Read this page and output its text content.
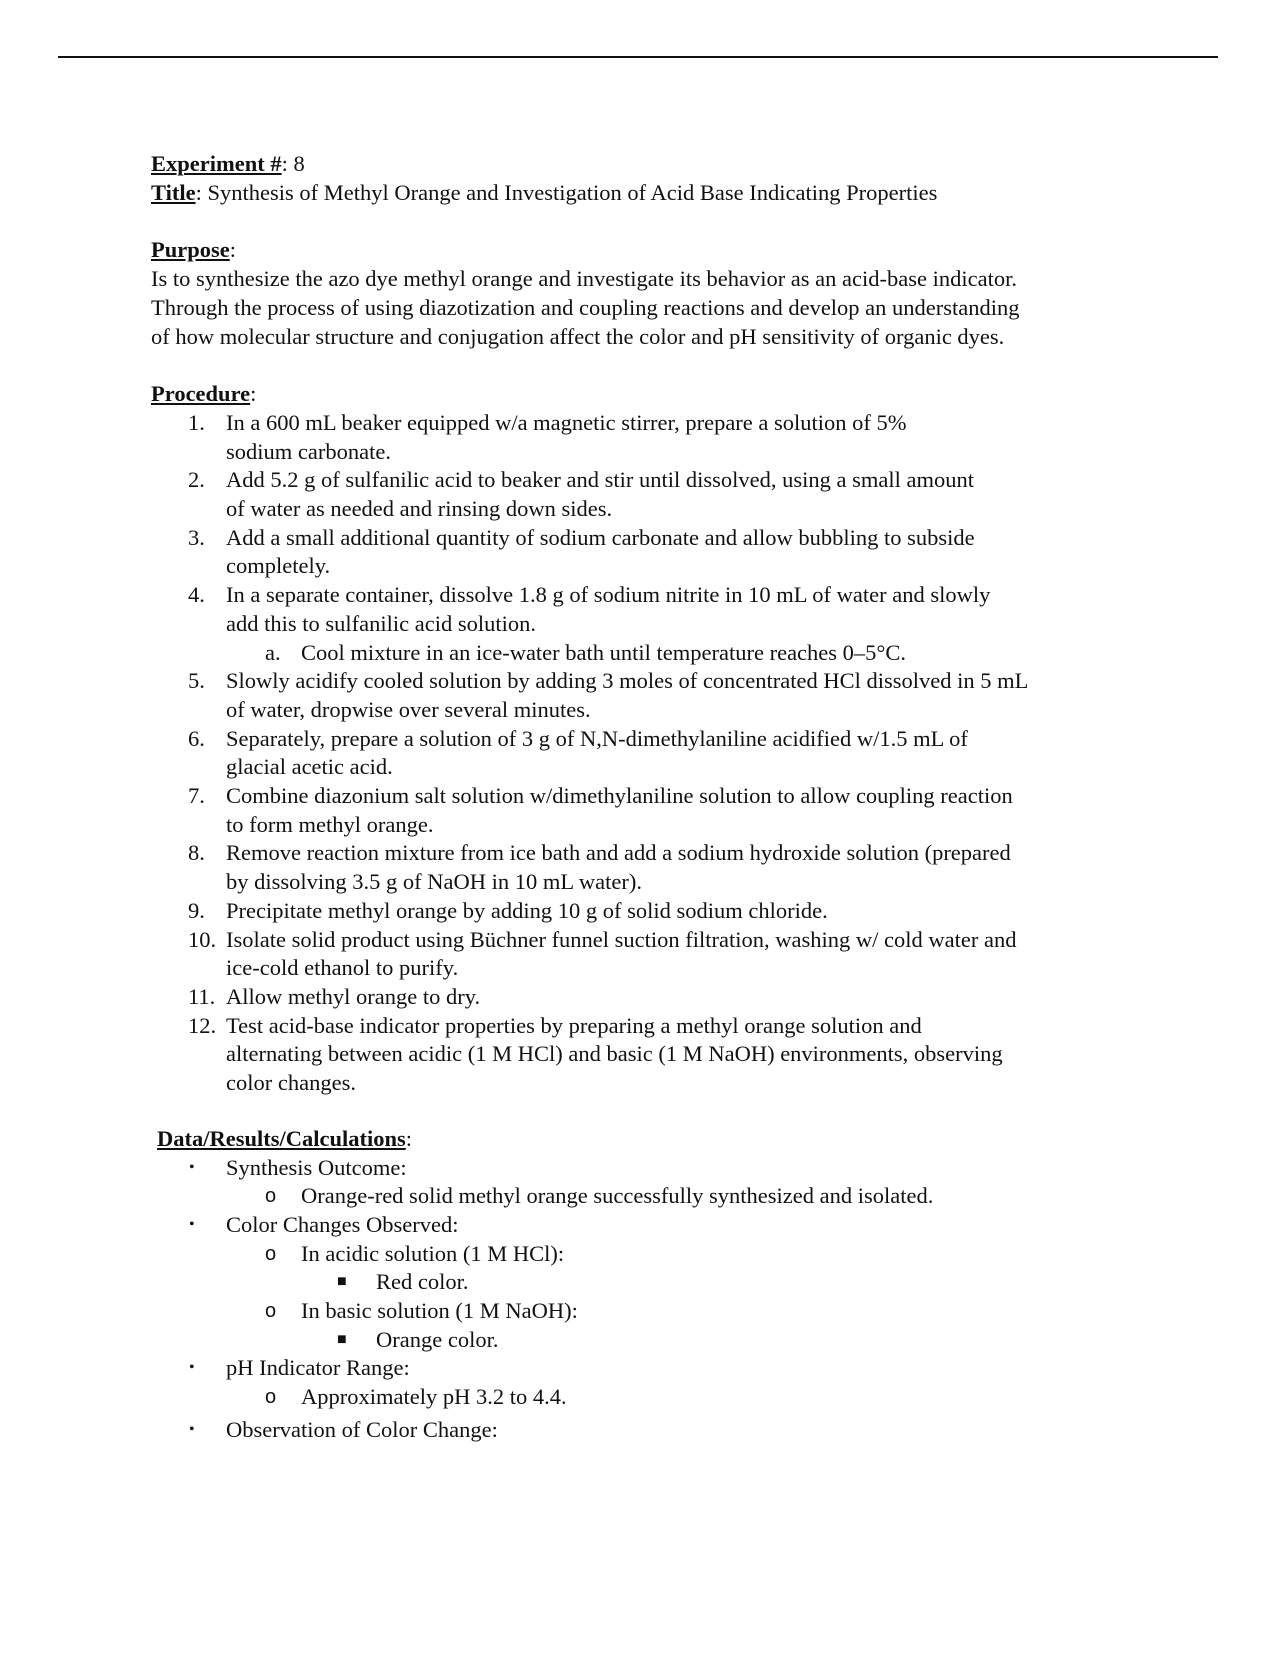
Experiment #: 8
Title: Synthesis of Methyl Orange and Investigation of Acid Base Indicating Properties
Purpose:
Is to synthesize the azo dye methyl orange and investigate its behavior as an acid-base indicator.
Through the process of using diazotization and coupling reactions and develop an understanding
of how molecular structure and conjugation affect the color and pH sensitivity of organic dyes.
Procedure:
1. In a 600 mL beaker equipped w/a magnetic stirrer, prepare a solution of 5%
sodium carbonate.
2. Add 5.2 g of sulfanilic acid to beaker and stir until dissolved, using a small amount
of water as needed and rinsing down sides.
3. Add a small additional quantity of sodium carbonate and allow bubbling to subside
completely.
4. In a separate container, dissolve 1.8 g of sodium nitrite in 10 mL of water and slowly
add this to sulfanilic acid solution.
a. Cool mixture in an ice-water bath until temperature reaches 0–5°C.
5. Slowly acidify cooled solution by adding 3 moles of concentrated HCl dissolved in 5 mL
of water, dropwise over several minutes.
6. Separately, prepare a solution of 3 g of N,N-dimethylaniline acidified w/1.5 mL of
glacial acetic acid.
7. Combine diazonium salt solution w/dimethylaniline solution to allow coupling reaction
to form methyl orange.
8. Remove reaction mixture from ice bath and add a sodium hydroxide solution (prepared
by dissolving 3.5 g of NaOH in 10 mL water).
9. Precipitate methyl orange by adding 10 g of solid sodium chloride.
10. Isolate solid product using Büchner funnel suction filtration, washing w/ cold water and
ice-cold ethanol to purify.
11. Allow methyl orange to dry.
12. Test acid-base indicator properties by preparing a methyl orange solution and
alternating between acidic (1 M HCl) and basic (1 M NaOH) environments, observing
color changes.
Data/Results/Calculations:
• Synthesis Outcome:
o Orange-red solid methyl orange successfully synthesized and isolated.
• Color Changes Observed:
o In acidic solution (1 M HCl):
■ Red color.
o In basic solution (1 M NaOH):
■ Orange color.
• pH Indicator Range:
o Approximately pH 3.2 to 4.4.
• Observation of Color Change:
